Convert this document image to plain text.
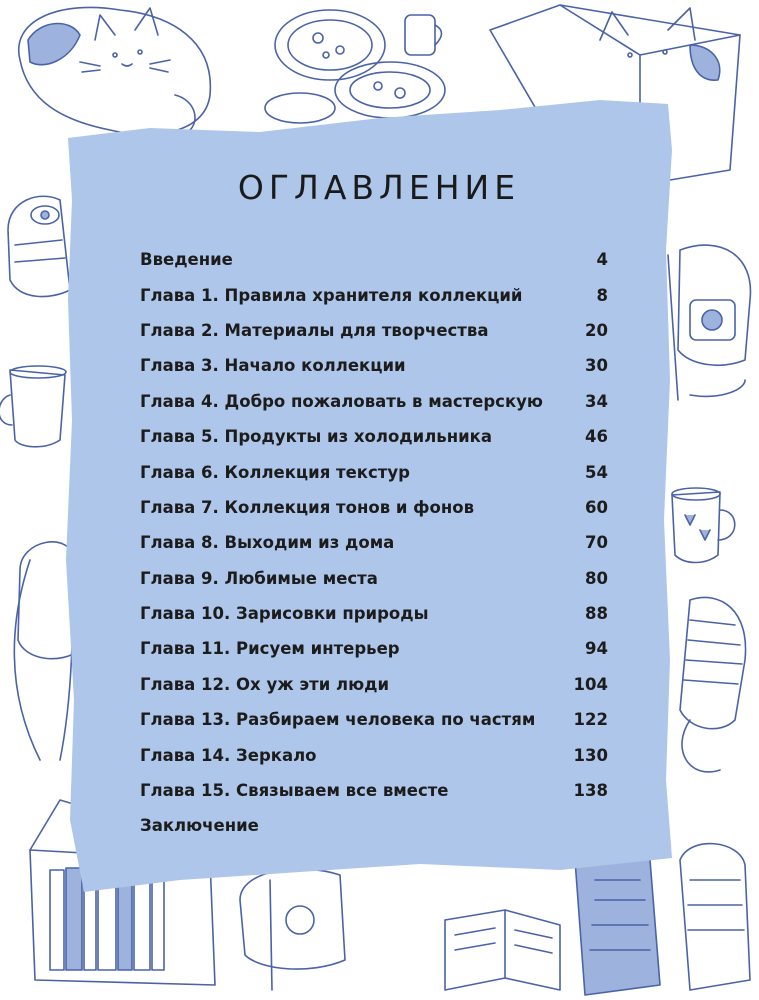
ОГЛАВЛЕНИЕ
Введение	4
Глава 1. Правила хранителя коллекций	8
Глава 2. Материалы для творчества	20
Глава 3. Начало коллекции	30
Глава 4. Добро пожаловать в мастерскую	34
Глава 5. Продукты из холодильника	46
Глава 6. Коллекция текстур	54
Глава 7. Коллекция тонов и фонов	60
Глава 8. Выходим из дома	70
Глава 9. Любимые места	80
Глава 10. Зарисовки природы	88
Глава 11. Рисуем интерьер	94
Глава 12. Ох уж эти люди	104
Глава 13. Разбираем человека по частям	122
Глава 14. Зеркало	130
Глава 15. Связываем все вместе	138
Заключение
